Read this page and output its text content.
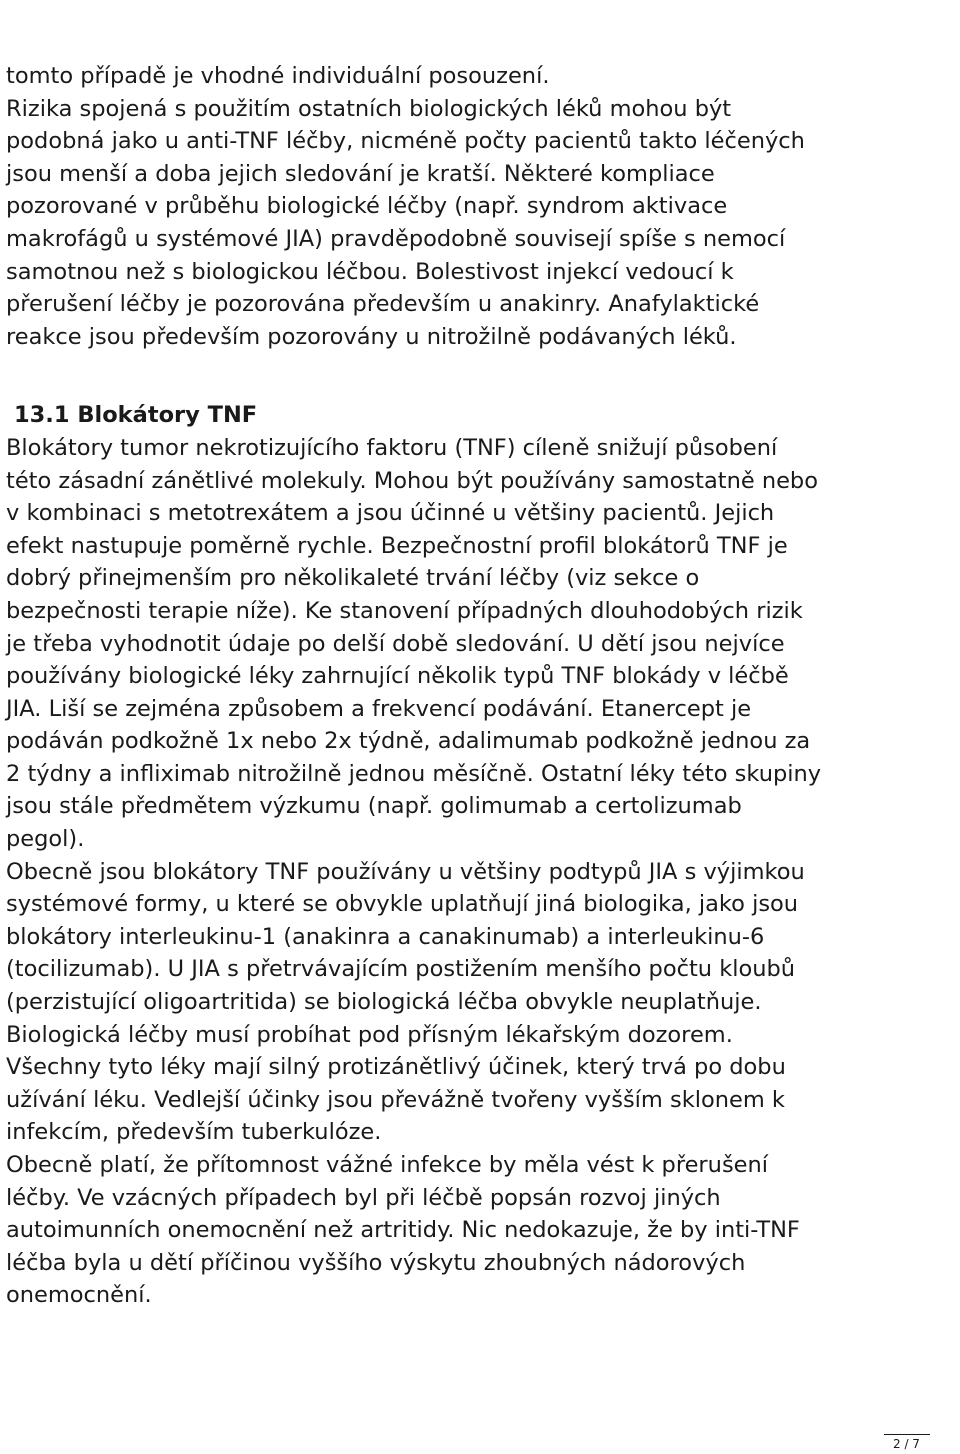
tomto případě je vhodné individuální posouzení.
Rizika spojená s použitím ostatních biologických léků mohou být
podobná jako u anti-TNF léčby, nicméně počty pacientů takto léčených
jsou menší a doba jejich sledování je kratší. Některé kompliace
pozorované v průběhu biologické léčby (např. syndrom aktivace
makrofágů u systémové JIA) pravděpodobně souvisejí spíše s nemocí
samotnou než s biologickou léčbou. Bolestivost injekcí vedoucí k
přerušení léčby je pozorována především u anakinry. Anafylaktické
reakce jsou především pozorovány u nitrožilně podávaných léků.
13.1 Blokátory TNF
Blokátory tumor nekrotizujícího faktoru (TNF) cíleně snižují působení
této zásadní zánětlivé molekuly. Mohou být používány samostatně nebo
v kombinaci s metotrexátem a jsou účinné u většiny pacientů. Jejich
efekt nastupuje poměrně rychle. Bezpečnostní profil blokátorů TNF je
dobrý přinejmenším pro několikaleté trvání léčby (viz sekce o
bezpečnosti terapie níže). Ke stanovení případných dlouhodobých rizik
je třeba vyhodnotit údaje po delší době sledování. U dětí jsou nejvíce
používány biologické léky zahrnující několik typů TNF blokády v léčbě
JIA. Liší se zejména způsobem a frekvencí podávání. Etanercept je
podáván podkožně 1x nebo 2x týdně, adalimumab podkožně jednou za
2 týdny a infliximab nitrožilně jednou měsíčně. Ostatní léky této skupiny
jsou stále předmětem výzkumu (např. golimumab a certolizumab
pegol).
Obecně jsou blokátory TNF používány u většiny podtypů JIA s výjimkou
systémové formy, u které se obvykle uplatňují jiná biologika, jako jsou
blokátory interleukinu-1 (anakinra a canakinumab) a interleukinu-6
(tocilizumab). U JIA s přetrvávajícím postižením menšího počtu kloubů
(perzistující oligoartritida) se biologická léčba obvykle neuplatňuje.
Biologická léčby musí probíhat pod přísným lékařským dozorem.
Všechny tyto léky mají silný protizánětlivý účinek, který trvá po dobu
užívání léku. Vedlejší účinky jsou převážně tvořeny vyšším sklonem k
infekcím, především tuberkulóze.
Obecně platí, že přítomnost vážné infekce by měla vést k přerušení
léčby. Ve vzácných případech byl při léčbě popsán rozvoj jiných
autoimunních onemocnění než artritidy. Nic nedokazuje, že by inti-TNF
léčba byla u dětí příčinou vyššího výskytu zhoubných nádorových
onemocnění.
2 / 7
